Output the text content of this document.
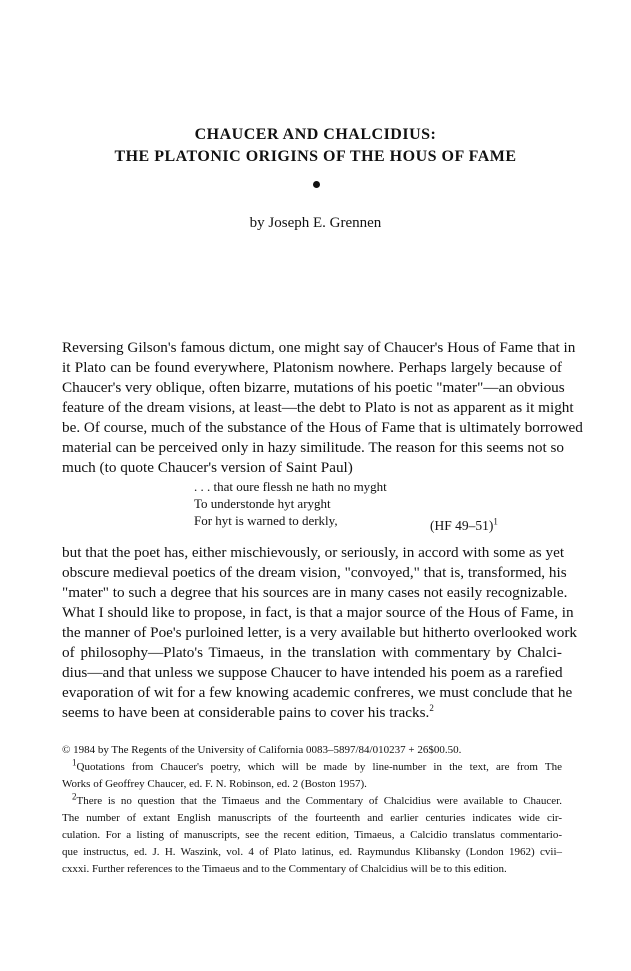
CHAUCER AND CHALCIDIUS:
THE PLATONIC ORIGINS OF THE HOUS OF FAME
by Joseph E. Grennen
Reversing Gilson's famous dictum, one might say of Chaucer's Hous of Fame that in
it Plato can be found everywhere, Platonism nowhere. Perhaps largely because of
Chaucer's very oblique, often bizarre, mutations of his poetic "mater"—an obvious
feature of the dream visions, at least—the debt to Plato is not as apparent as it might
be. Of course, much of the substance of the Hous of Fame that is ultimately borrowed
material can be perceived only in hazy similitude. The reason for this seems not so
much (to quote Chaucer's version of Saint Paul)
. . . that oure flessh ne hath no myght
To understonde hyt aryght
For hyt is warned to derkly,	(HF 49–51)$^1$
but that the poet has, either mischievously, or seriously, in accord with some as yet
obscure medieval poetics of the dream vision, "convoyed," that is, transformed, his
"mater" to such a degree that his sources are in many cases not easily recognizable.
What I should like to propose, in fact, is that a major source of the Hous of Fame, in
the manner of Poe's purloined letter, is a very available but hitherto overlooked work
of philosophy—Plato's Timaeus, in the translation with commentary by Chalci-
dius—and that unless we suppose Chaucer to have intended his poem as a rarefied
evaporation of wit for a few knowing academic confreres, we must conclude that he
seems to have been at considerable pains to cover his tracks.$^2$
© 1984 by The Regents of the University of California 0083–5897/84/010237 + 26$00.50.
$^1$Quotations from Chaucer's poetry, which will be made by line-number in the text, are from The
Works of Geoffrey Chaucer, ed. F. N. Robinson, ed. 2 (Boston 1957).
$^2$There is no question that the Timaeus and the Commentary of Chalcidius were available to Chaucer.
The number of extant English manuscripts of the fourteenth and earlier centuries indicates wide cir-
culation. For a listing of manuscripts, see the recent edition, Timaeus, a Calcidio translatus commentario-
que instructus, ed. J. H. Waszink, vol. 4 of Plato latinus, ed. Raymundus Klibansky (London 1962) cvii–
cxxxi. Further references to the Timaeus and to the Commentary of Chalcidius will be to this edition.
